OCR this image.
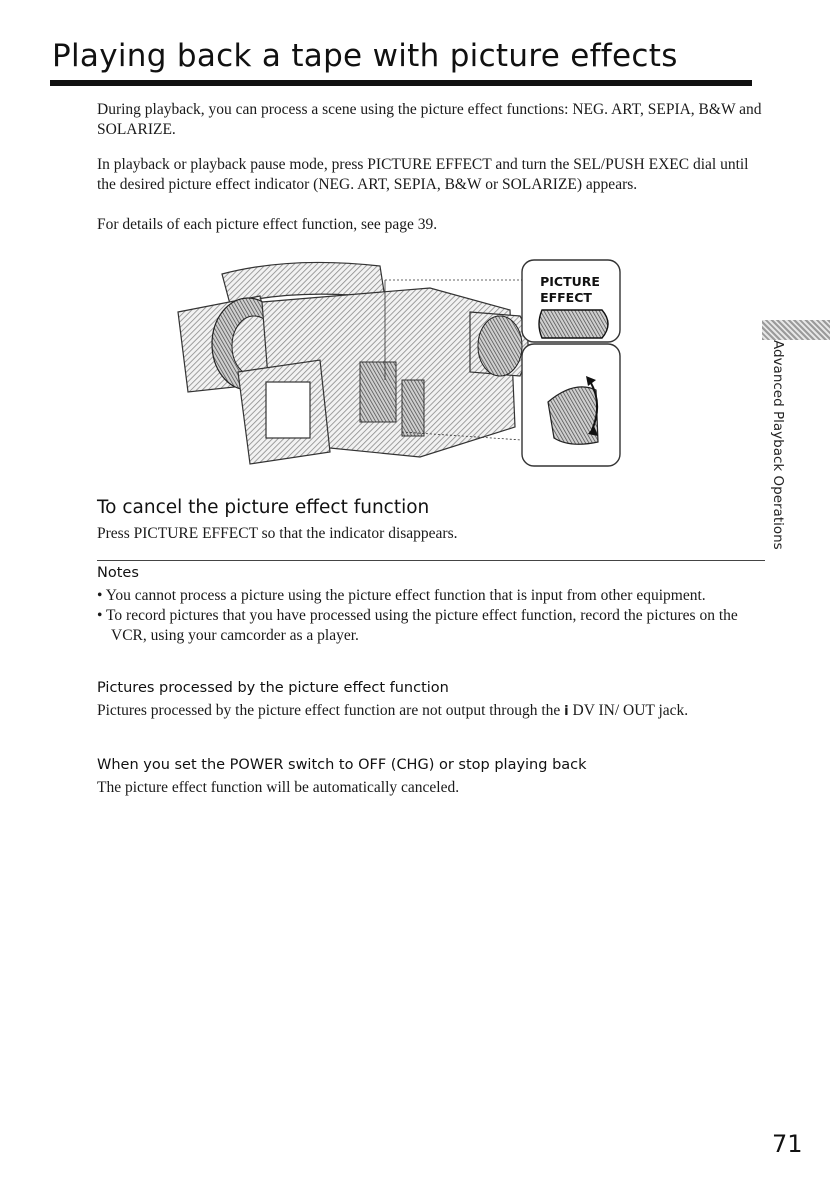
Playing back a tape with picture effects

During playback, you can process a scene using the picture effect functions: NEG. ART, SEPIA, B&W and SOLARIZE.

In playback or playback pause mode, press PICTURE EFFECT and turn the SEL/PUSH EXEC dial until the desired picture effect indicator (NEG. ART, SEPIA, B&W or SOLARIZE) appears.

For details of each picture effect function, see page 39.

PICTURE
EFFECT
To cancel the picture effect function

Press PICTURE EFFECT so that the indicator disappears.

Notes
• You cannot process a picture using the picture effect function that is input from other equipment.
• To record pictures that you have processed using the picture effect function, record the pictures on the VCR, using your camcorder as a player.
Pictures processed by the picture effect function

Pictures processed by the picture effect function are not output through the i DV IN/ OUT jack.

When you set the POWER switch to OFF (CHG) or stop playing back

The picture effect function will be automatically canceled.

Advanced Playback Operations
71
